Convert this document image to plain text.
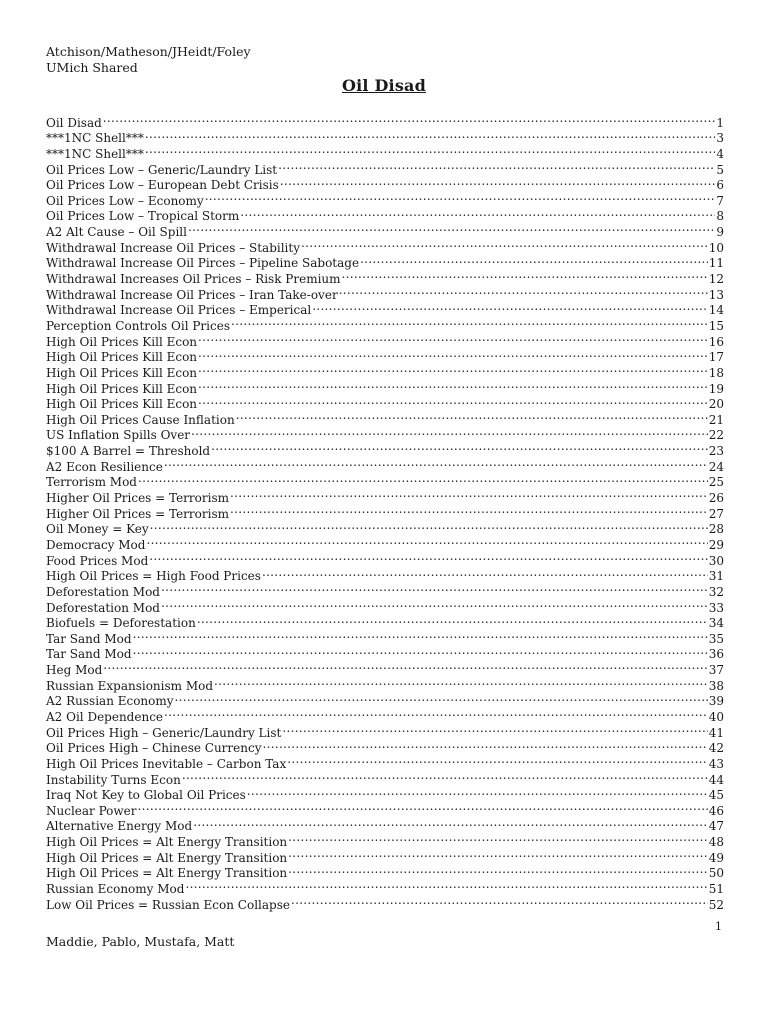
Atchison/Matheson/JHeidt/Foley
UMich Shared
Oil Disad
Oil Disad .....	1
***1NC Shell*** .....	3
***1NC Shell*** .....	4
Oil Prices Low – Generic/Laundry List .....	5
Oil Prices Low – European Debt Crisis .....	6
Oil Prices Low – Economy .....	7
Oil Prices Low – Tropical Storm .....	8
A2 Alt Cause – Oil Spill .....	9
Withdrawal Increase Oil Prices – Stability .....	10
Withdrawal Increase Oil Pirces – Pipeline Sabotage .....	11
Withdrawal Increases Oil Prices – Risk Premium .....	12
Withdrawal Increase Oil Prices – Iran Take-over .....	13
Withdrawal Increase Oil Prices – Emperical .....	14
Perception Controls Oil Prices .....	15
High Oil Prices Kill Econ .....	16
High Oil Prices Kill Econ .....	17
High Oil Prices Kill Econ .....	18
High Oil Prices Kill Econ .....	19
High Oil Prices Kill Econ .....	20
High Oil Prices Cause Inflation .....	21
US Inflation Spills Over .....	22
$100 A Barrel = Threshold .....	23
A2 Econ Resilience .....	24
Terrorism Mod .....	25
Higher Oil Prices = Terrorism .....	26
Higher Oil Prices = Terrorism .....	27
Oil Money = Key .....	28
Democracy Mod .....	29
Food Prices Mod .....	30
High Oil Prices = High Food Prices .....	31
Deforestation Mod .....	32
Deforestation Mod .....	33
Biofuels = Deforestation .....	34
Tar Sand Mod .....	35
Tar Sand Mod .....	36
Heg Mod .....	37
Russian Expansionism Mod .....	38
A2 Russian Economy .....	39
A2 Oil Dependence .....	40
Oil Prices High – Generic/Laundry List .....	41
Oil Prices High – Chinese Currency .....	42
High Oil Prices Inevitable – Carbon Tax .....	43
Instability Turns Econ .....	44
Iraq Not Key to Global Oil Prices .....	45
Nuclear Power .....	46
Alternative Energy Mod .....	47
High Oil Prices = Alt Energy Transition .....	48
High Oil Prices = Alt Energy Transition .....	49
High Oil Prices = Alt Energy Transition .....	50
Russian Economy Mod .....	51
Low Oil Prices = Russian Econ Collapse .....	52
1
Maddie, Pablo, Mustafa, Matt
